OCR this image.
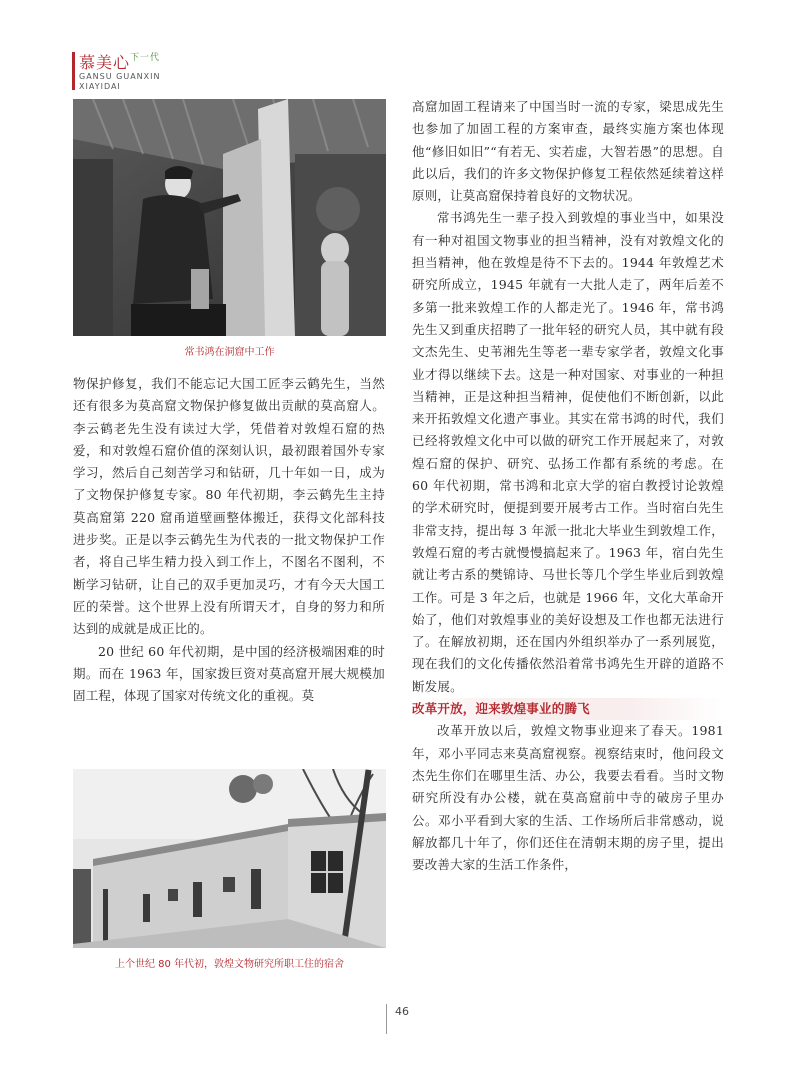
慕美心$^{下一代}$
GANSU GUANXIN
XIAYIDAI
常书鸿在洞窟中工作
上个世纪 80 年代初，敦煌文物研究所职工住的宿舍

物保护修复，我们不能忘记大国工匠李云鹤先生，当然还有很多为莫高窟文物保护修复做出贡献的莫高窟人。李云鹤老先生没有读过大学，凭借着对敦煌石窟的热爱，和对敦煌石窟价值的深刻认识，最初跟着国外专家学习，然后自己刻苦学习和钻研，几十年如一日，成为了文物保护修复专家。80 年代初期，李云鹤先生主持莫高窟第 220 窟甬道壁画整体搬迁，获得文化部科技进步奖。正是以李云鹤先生为代表的一批文物保护工作者，将自己毕生精力投入到工作上，不图名不图利，不断学习钻研，让自己的双手更加灵巧，才有今天大国工匠的荣誉。这个世界上没有所谓天才，自身的努力和所达到的成就是成正比的。

20 世纪 60 年代初期，是中国的经济极端困难的时期。而在 1963 年，国家拨巨资对莫高窟开展大规模加固工程，体现了国家对传统文化的重视。莫

高窟加固工程请来了中国当时一流的专家，梁思成先生也参加了加固工程的方案审查，最终实施方案也体现他“修旧如旧”“有若无、实若虚，大智若愚”的思想。自此以后，我们的许多文物保护修复工程依然延续着这样原则，让莫高窟保持着良好的文物状况。

常书鸿先生一辈子投入到敦煌的事业当中，如果没有一种对祖国文物事业的担当精神，没有对敦煌文化的担当精神，他在敦煌是待不下去的。1944 年敦煌艺术研究所成立，1945 年就有一大批人走了，两年后差不多第一批来敦煌工作的人都走光了。1946 年，常书鸿先生又到重庆招聘了一批年轻的研究人员，其中就有段文杰先生、史苇湘先生等老一辈专家学者，敦煌文化事业才得以继续下去。这是一种对国家、对事业的一种担当精神，正是这种担当精神，促使他们不断创新，以此来开拓敦煌文化遗产事业。其实在常书鸿的时代，我们已经将敦煌文化中可以做的研究工作开展起来了，对敦煌石窟的保护、研究、弘扬工作都有系统的考虑。在 60 年代初期，常书鸿和北京大学的宿白教授讨论敦煌的学术研究时，便提到要开展考古工作。当时宿白先生非常支持，提出每 3 年派一批北大毕业生到敦煌工作，敦煌石窟的考古就慢慢搞起来了。1963 年，宿白先生就让考古系的樊锦诗、马世长等几个学生毕业后到敦煌工作。可是 3 年之后，也就是 1966 年，文化大革命开始了，他们对敦煌事业的美好设想及工作也都无法进行了。在解放初期，还在国内外组织举办了一系列展览，现在我们的文化传播依然沿着常书鸿先生开辟的道路不断发展。

改革开放，迎来敦煌事业的腾飞

改革开放以后，敦煌文物事业迎来了春天。1981 年，邓小平同志来莫高窟视察。视察结束时，他问段文杰先生你们在哪里生活、办公，我要去看看。当时文物研究所没有办公楼，就在莫高窟前中寺的破房子里办公。邓小平看到大家的生活、工作场所后非常感动，说解放都几十年了，你们还住在清朝末期的房子里，提出要改善大家的生活工作条件，

46
